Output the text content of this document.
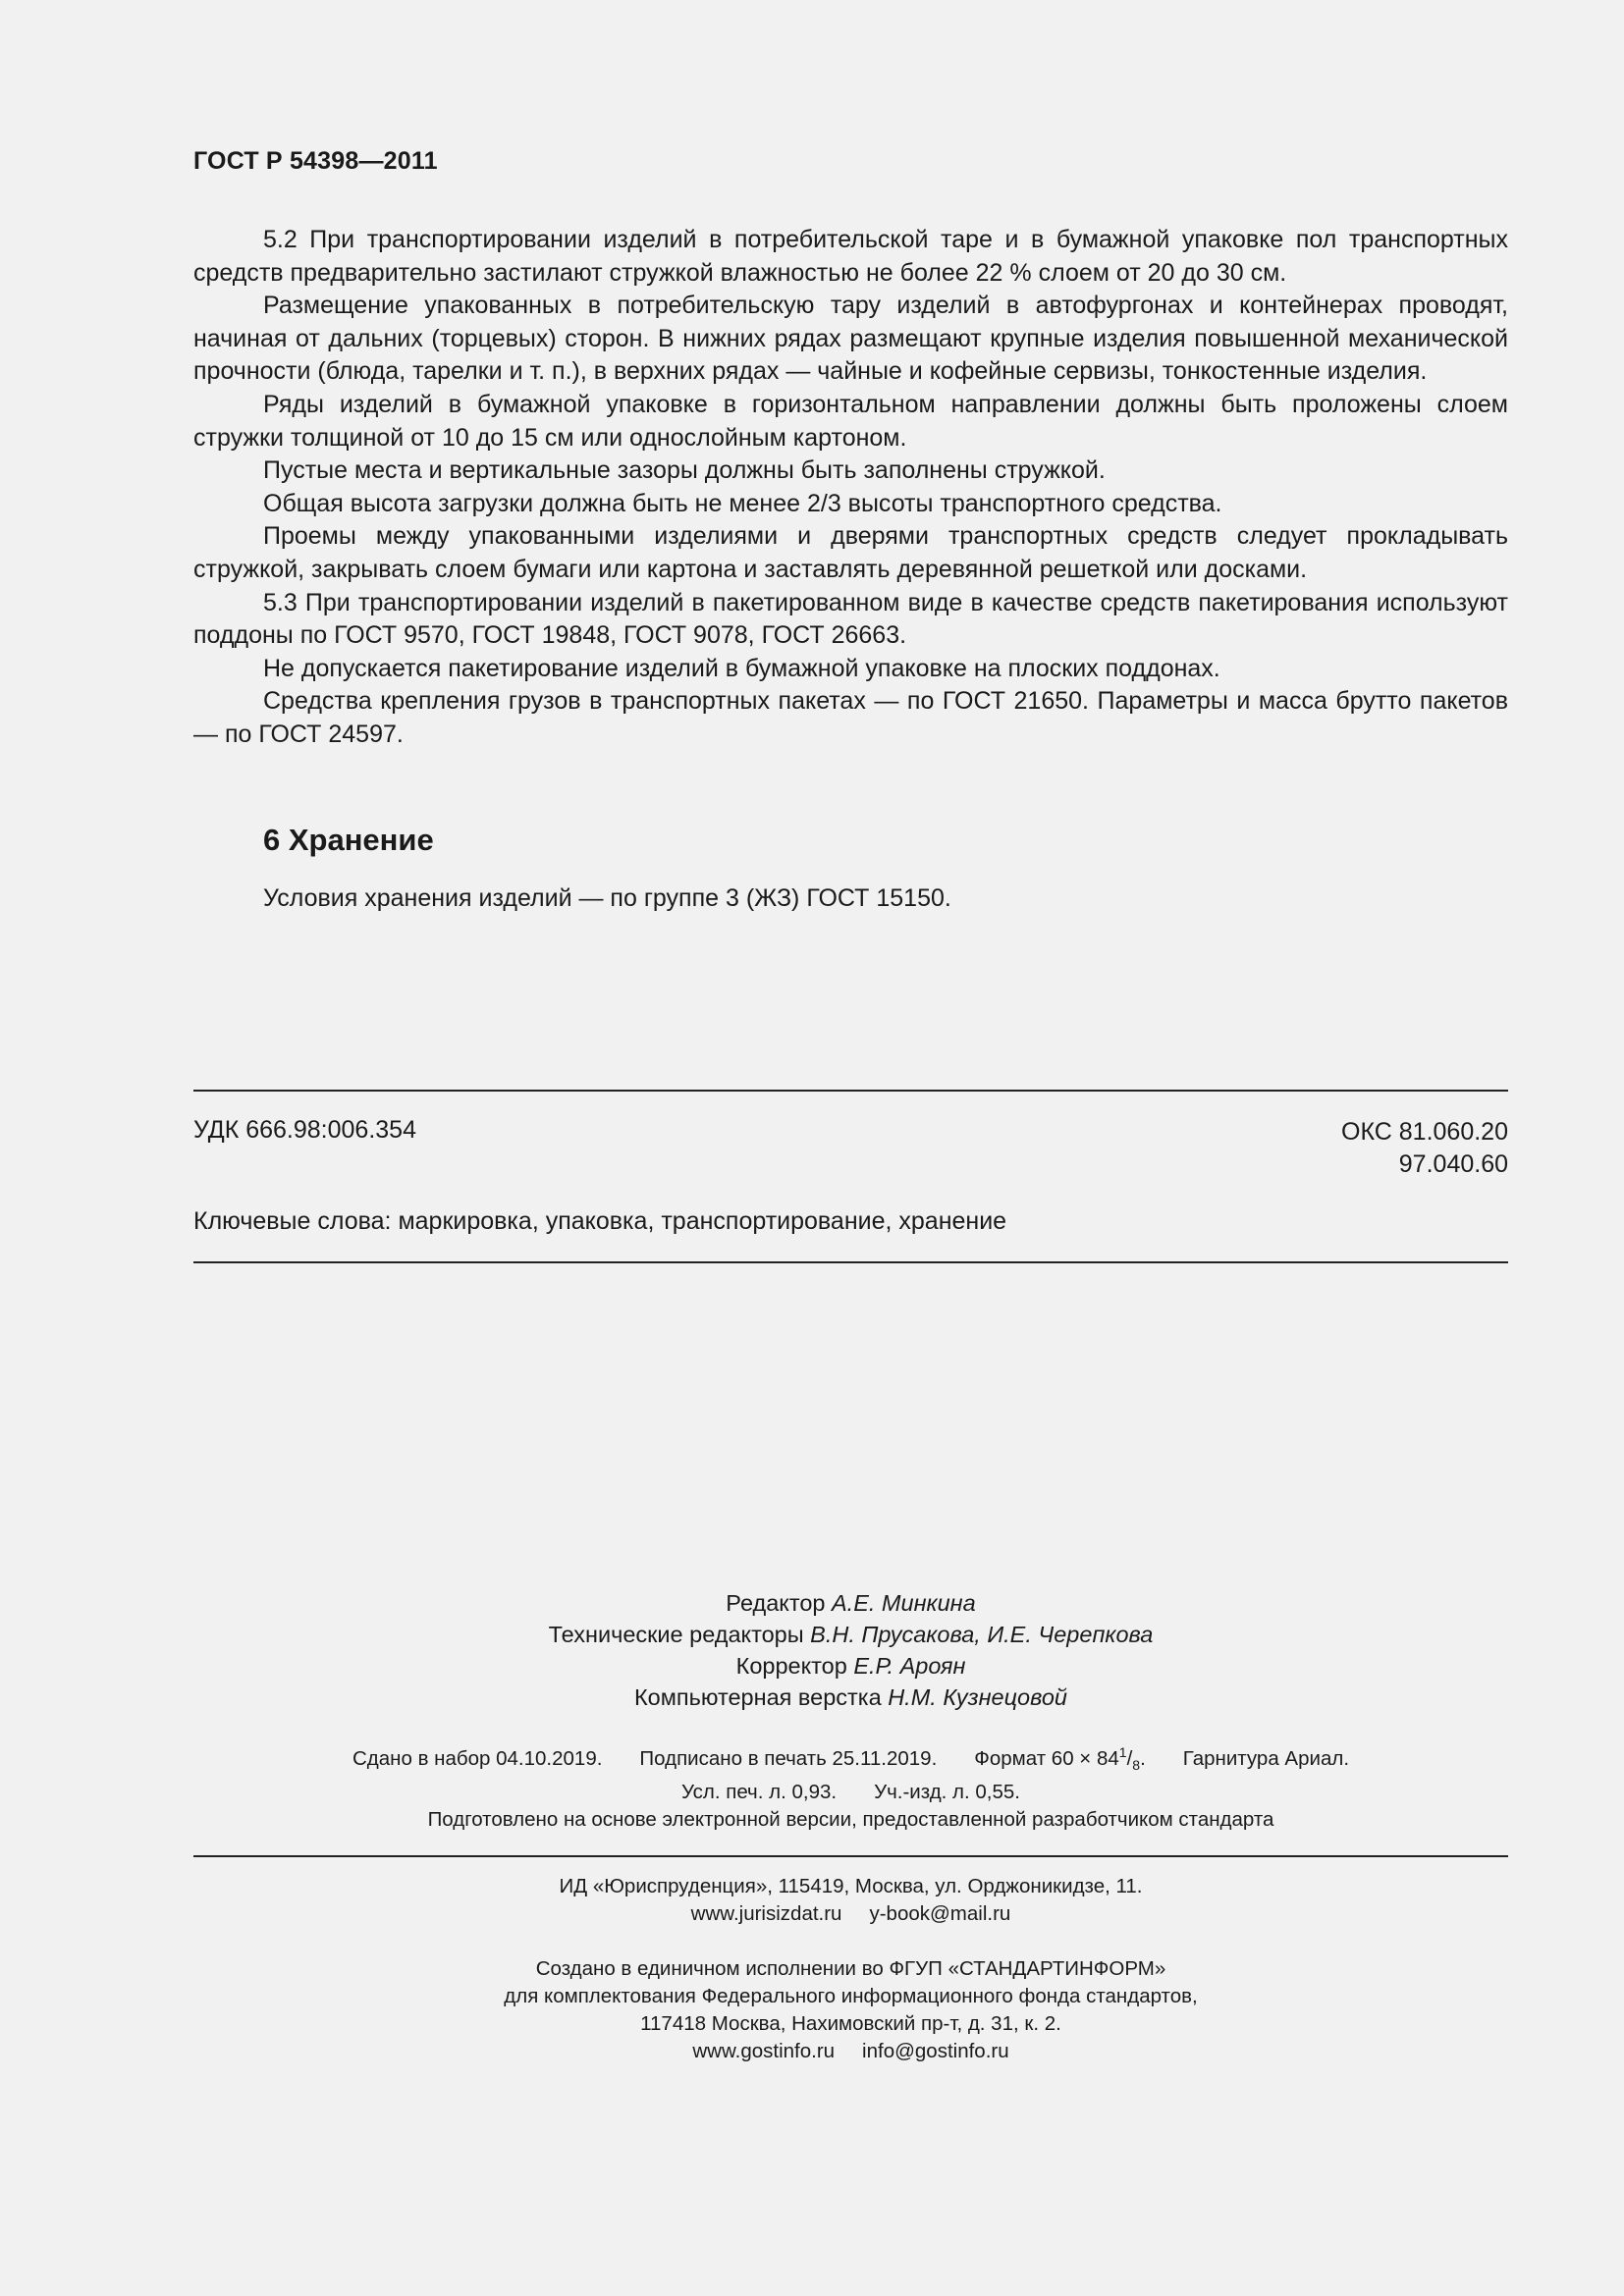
ГОСТ Р 54398—2011

5.2 При транспортировании изделий в потребительской таре и в бумажной упаковке пол транспортных средств предварительно застилают стружкой влажностью не более 22 % слоем от 20 до 30 см.

Размещение упакованных в потребительскую тару изделий в автофургонах и контейнерах проводят, начиная от дальних (торцевых) сторон. В нижних рядах размещают крупные изделия повышенной механической прочности (блюда, тарелки и т. п.), в верхних рядах — чайные и кофейные сервизы, тонкостенные изделия.

Ряды изделий в бумажной упаковке в горизонтальном направлении должны быть проложены слоем стружки толщиной от 10 до 15 см или однослойным картоном.

Пустые места и вертикальные зазоры должны быть заполнены стружкой.

Общая высота загрузки должна быть не менее 2/3 высоты транспортного средства.

Проемы между упакованными изделиями и дверями транспортных средств следует прокладывать стружкой, закрывать слоем бумаги или картона и заставлять деревянной решеткой или досками.

5.3 При транспортировании изделий в пакетированном виде в качестве средств пакетирования используют поддоны по ГОСТ 9570, ГОСТ 19848, ГОСТ 9078, ГОСТ 26663.

Не допускается пакетирование изделий в бумажной упаковке на плоских поддонах.

Средства крепления грузов в транспортных пакетах — по ГОСТ 21650. Параметры и масса брутто пакетов — по ГОСТ 24597.

6 Хранение
Условия хранения изделий — по группе 3 (ЖЗ) ГОСТ 15150.
УДК 666.98:006.354	ОКС 81.060.20
97.040.60
Ключевые слова: маркировка, упаковка, транспортирование, хранение
Редактор А.Е. Минкина
Технические редакторы В.Н. Прусакова, И.Е. Черепкова
Корректор Е.Р. Ароян
Компьютерная верстка Н.М. Кузнецовой
Сдано в набор 04.10.2019. Подписано в печать 25.11.2019. Формат $60 \times 84^1/_8$. Гарнитура Ариал.
Усл. печ. л. 0,93. Уч.-изд. л. 0,55.
Подготовлено на основе электронной версии, предоставленной разработчиком стандарта
ИД «Юриспруденция», 115419, Москва, ул. Орджоникидзе, 11.
www.jurisizdat.ru y-book@mail.ru
Создано в единичном исполнении во ФГУП «СТАНДАРТИНФОРМ»
для комплектования Федерального информационного фонда стандартов,
117418 Москва, Нахимовский пр-т, д. 31, к. 2.
www.gostinfo.ru info@gostinfo.ru
